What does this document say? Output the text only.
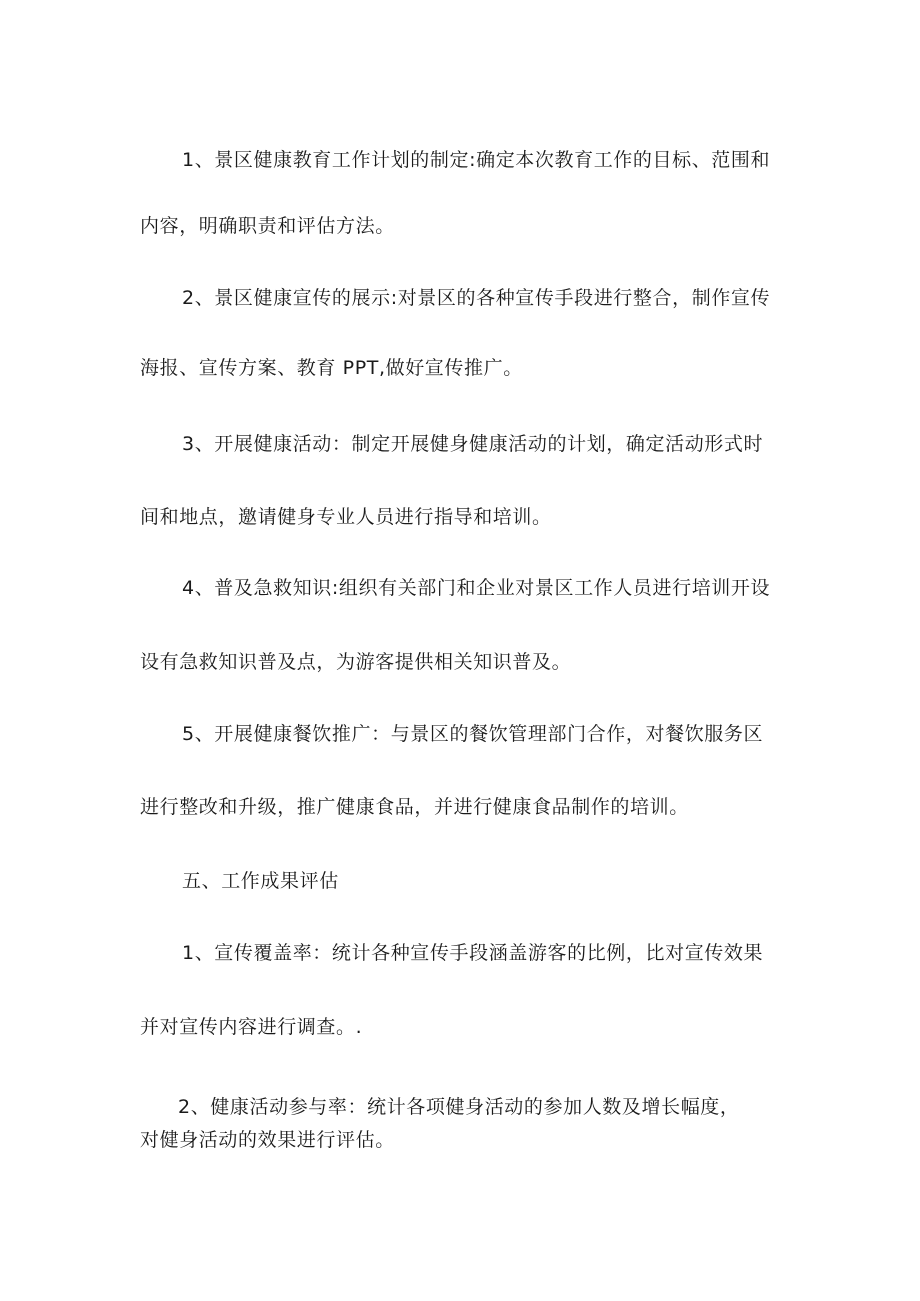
1、景区健康教育工作计划的制定:确定本次教育工作的目标、范围和
内容，明确职责和评估方法。
2、景区健康宣传的展示:对景区的各种宣传手段进行整合，制作宣传
海报、宣传方案、教育 PPT,做好宣传推广。
3、开展健康活动：制定开展健身健康活动的计划，确定活动形式时
间和地点，邀请健身专业人员进行指导和培训。
4、普及急救知识:组织有关部门和企业对景区工作人员进行培训开设
设有急救知识普及点，为游客提供相关知识普及。
5、开展健康餐饮推广：与景区的餐饮管理部门合作，对餐饮服务区
进行整改和升级，推广健康食品，并进行健康食品制作的培训。
五、工作成果评估
1、宣传覆盖率：统计各种宣传手段涵盖游客的比例，比对宣传效果
并对宣传内容进行调查。.
2、健康活动参与率：统计各项健身活动的参加人数及增长幅度，
对健身活动的效果进行评估。
